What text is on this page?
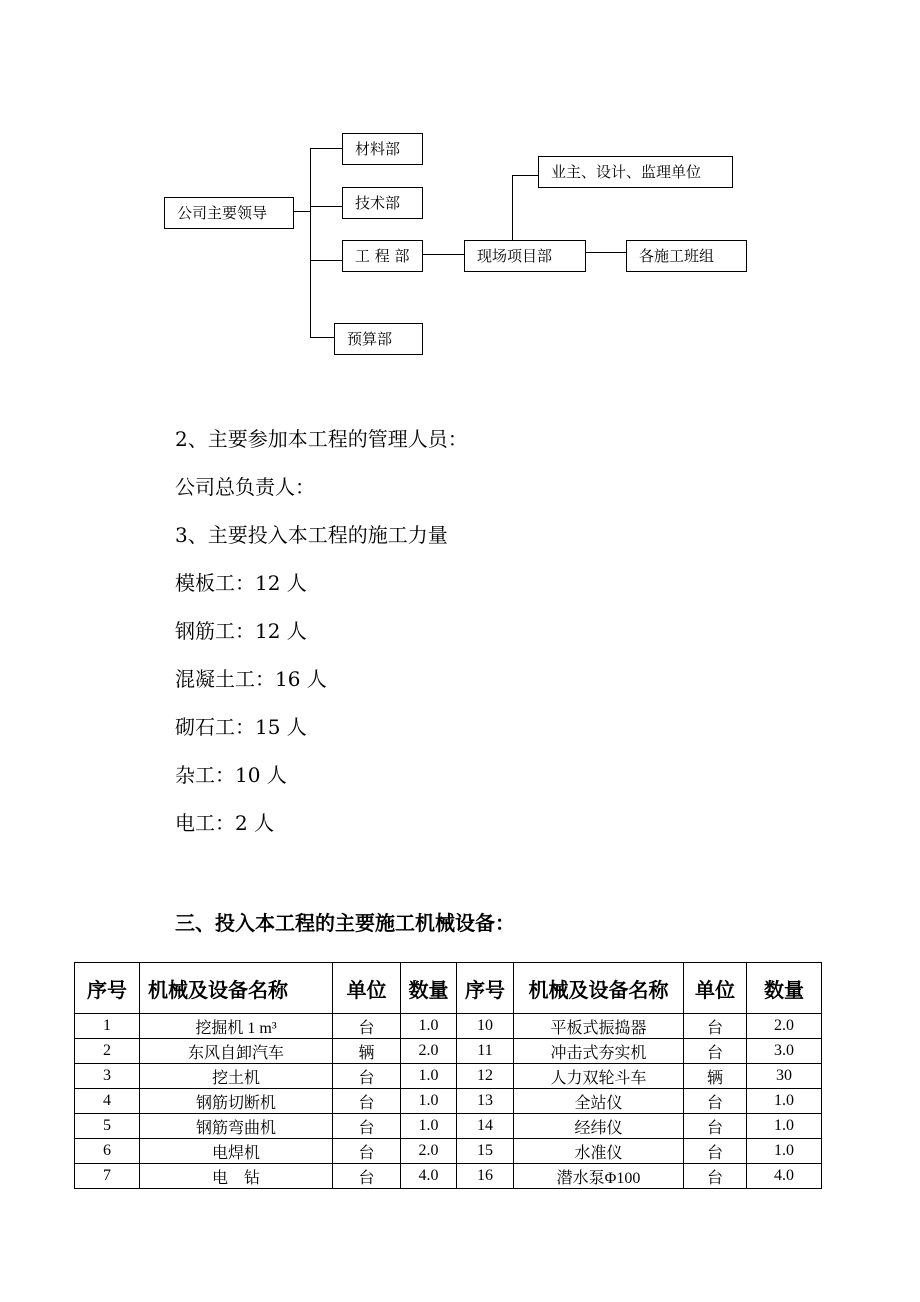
公司主要领导
材料部
技术部
工 程 部
预算部
现场项目部
业主、设计、监理单位
各施工班组
2、主要参加本工程的管理人员：
公司总负责人：
3、主要投入本工程的施工力量
模板工：12 人
钢筋工：12 人
混凝土工：16 人
砌石工：15 人
杂工：10 人
电工：2 人
三、投入本工程的主要施工机械设备：
序号	机械及设备名称	单位	数量	序号	机械及设备名称	单位	数量
1	挖掘机 1 m³	台	1.0	10	平板式振捣器	台	2.0
2	东风自卸汽车	辆	2.0	11	冲击式夯实机	台	3.0
3	挖土机	台	1.0	12	人力双轮斗车	辆	30
4	钢筋切断机	台	1.0	13	全站仪	台	1.0
5	钢筋弯曲机	台	1.0	14	经纬仪	台	1.0
6	电焊机	台	2.0	15	水准仪	台	1.0
7	电　钻	台	4.0	16	潜水泵Φ100	台	4.0
